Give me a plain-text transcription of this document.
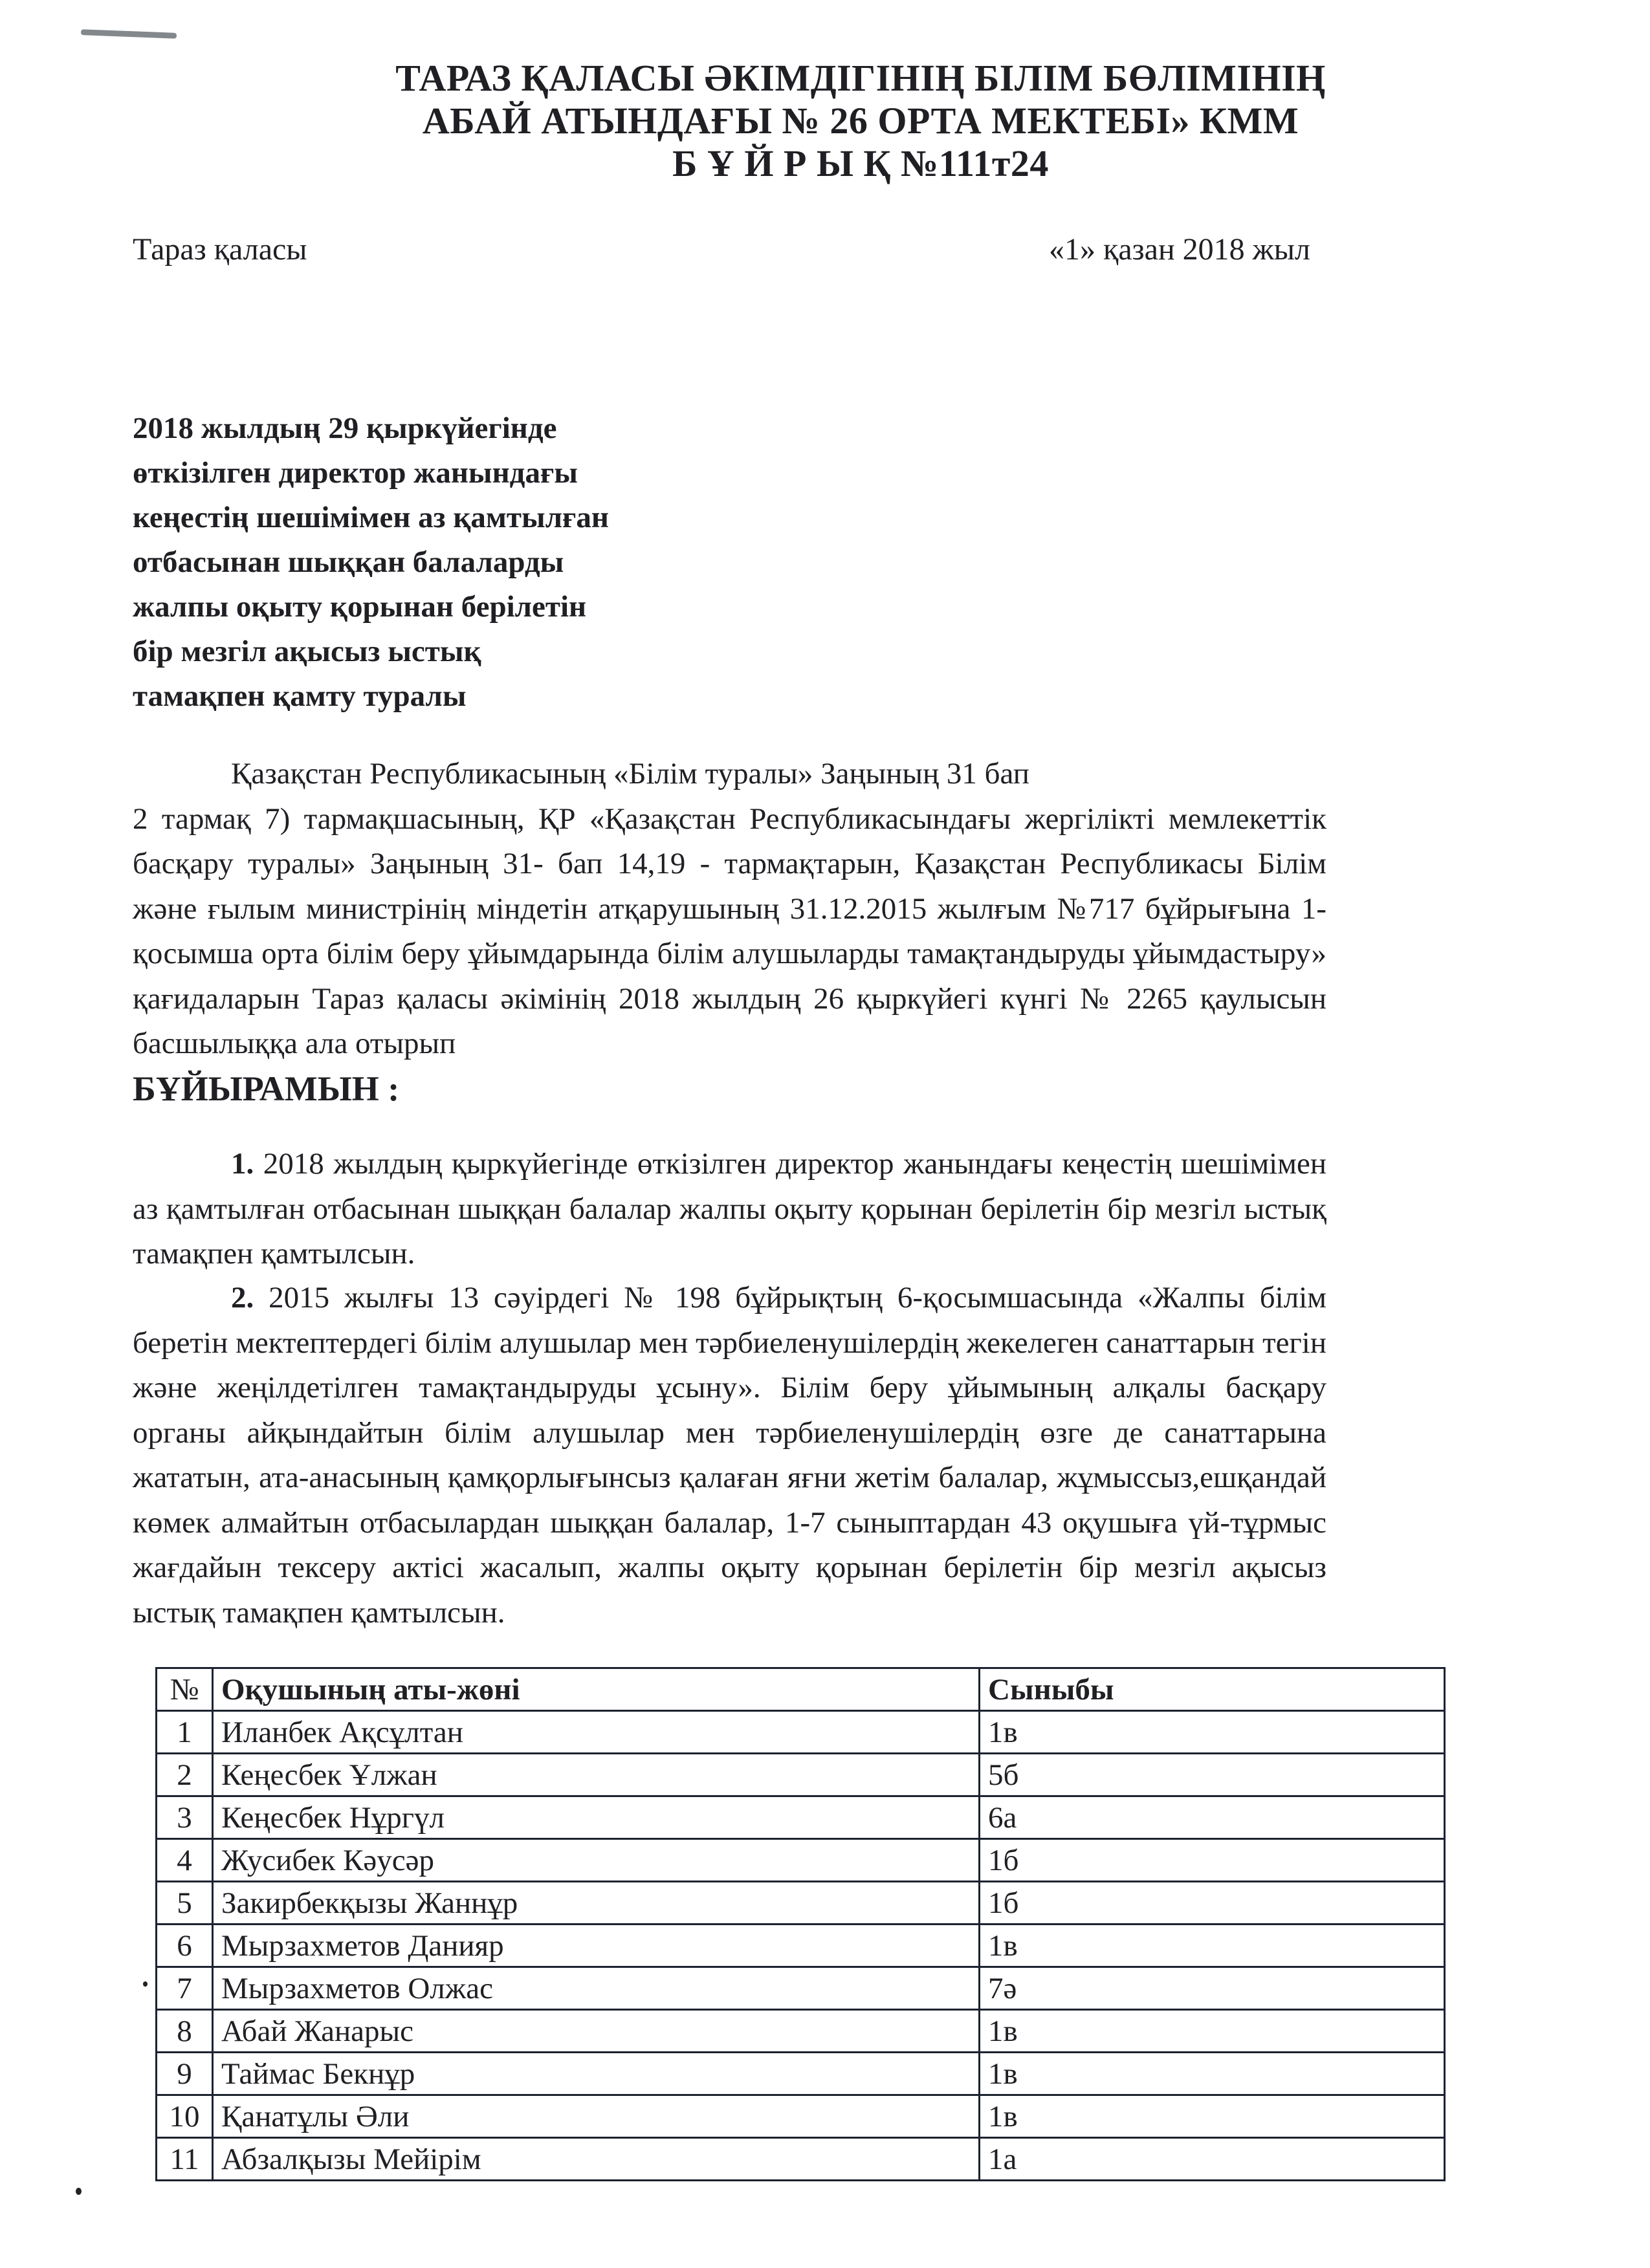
ТАРАЗ ҚАЛАСЫ ӘКІМДІГІНІҢ БІЛІМ БӨЛІМІНІҢ
АБАЙ АТЫНДАҒЫ № 26 ОРТА МЕКТЕБІ» КММ
Б Ұ Й Р Ы Қ №111т24
Тараз қаласы	«1» қазан 2018 жыл
2018 жылдың 29 қыркүйегінде
өткізілген директор жанындағы
кеңестің шешімімен аз қамтылған
отбасынан шыққан балаларды
жалпы оқыту қорынан берілетін
бір мезгіл ақысыз ыстық
тамақпен қамту туралы
Қазақстан Республикасының «Білім туралы» Заңының 31 бап
2 тармақ 7) тармақшасының, ҚР «Қазақстан Республикасындағы жергілікті мемлекеттік басқару туралы» Заңының 31- бап 14,19 - тармақтарын, Қазақстан Республикасы Білім және ғылым министрінің міндетін атқарушының 31.12.2015 жылғым №717 бұйрығына 1-қосымша орта білім беру ұйымдарында білім алушыларды тамақтандыруды ұйымдастыру» қағидаларын Тараз қаласы әкімінің 2018 жылдың 26 қыркүйегі күнгі № 2265 қаулысын басшылыққа ала отырып
БҰЙЫРАМЫН :
1. 2018 жылдың қыркүйегінде өткізілген директор жанындағы кеңестің шешімімен аз қамтылған отбасынан шыққан балалар жалпы оқыту қорынан берілетін бір мезгіл ыстық тамақпен қамтылсын.
2. 2015 жылғы 13 сәуірдегі № 198 бұйрықтың 6-қосымшасында «Жалпы білім беретін мектептердегі білім алушылар мен тәрбиеленушілердің жекелеген санаттарын тегін және жеңілдетілген тамақтандыруды ұсыну». Білім беру ұйымының алқалы басқару органы айқындайтын білім алушылар мен тәрбиеленушілердің өзге де санаттарына жататын, ата-анасының қамқорлығынсыз қалаған яғни жетім балалар, жұмыссыз,ешқандай көмек алмайтын отбасылардан шыққан балалар, 1-7 сыныптардан 43 оқушыға үй-тұрмыс жағдайын тексеру актісі жасалып, жалпы оқыту қорынан берілетін бір мезгіл ақысыз ыстық тамақпен қамтылсын.
№	Оқушының аты-жөні	Сыныбы
1	Иланбек Ақсұлтан	1в
2	Кеңесбек Ұлжан	5б
3	Кеңесбек Нұргүл	6а
4	Жусибек Кәусәр	1б
5	Закирбекқызы Жаннұр	1б
6	Мырзахметов Данияр	1в
7	Мырзахметов Олжас	7ә
8	Абай Жанарыс	1в
9	Таймас Бекнұр	1в
10	Қанатұлы Әли	1в
11	Абзалқызы Мейірім	1а
